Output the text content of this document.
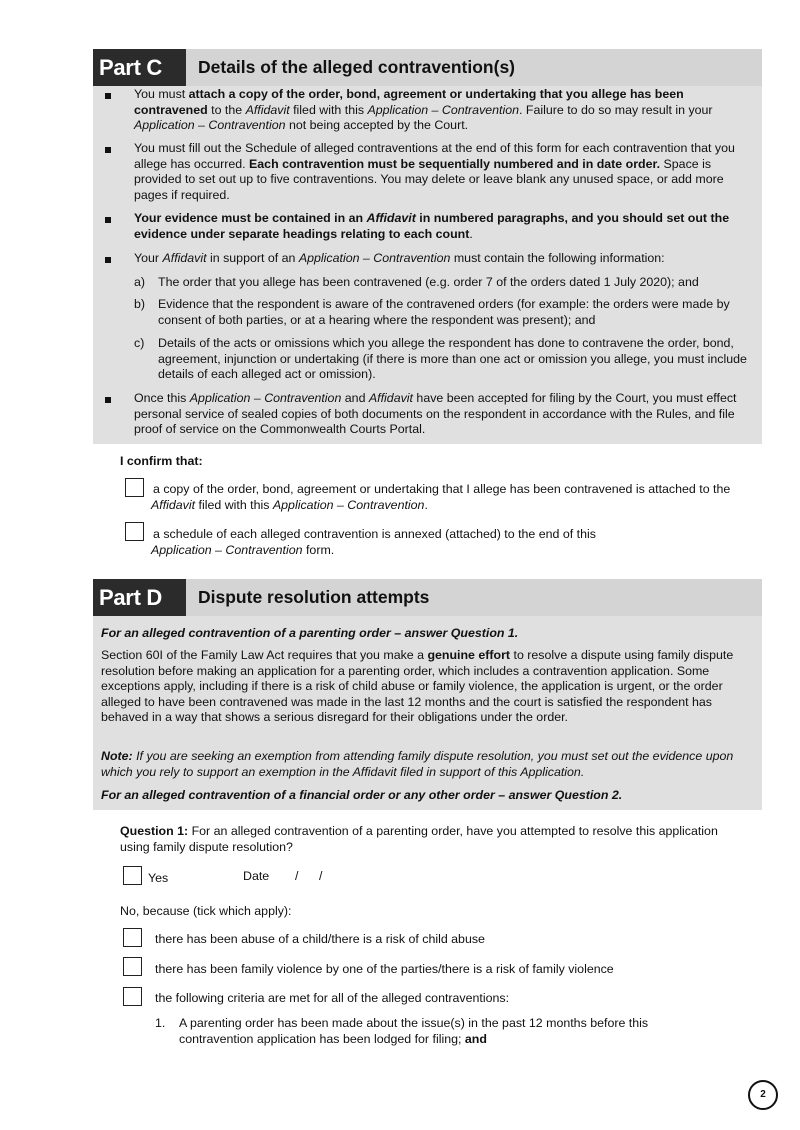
Part C	Details of the alleged contravention(s)
You must attach a copy of the order, bond, agreement or undertaking that you allege has been contravened to the Affidavit filed with this Application – Contravention. Failure to do so may result in your Application – Contravention not being accepted by the Court.
You must fill out the Schedule of alleged contraventions at the end of this form for each contravention that you allege has occurred. Each contravention must be sequentially numbered and in date order. Space is provided to set out up to five contraventions. You may delete or leave blank any unused space, or add more pages if required.
Your evidence must be contained in an Affidavit in numbered paragraphs, and you should set out the evidence under separate headings relating to each count.
Your Affidavit in support of an Application – Contravention must contain the following information:
a) The order that you allege has been contravened (e.g. order 7 of the orders dated 1 July 2020); and
b) Evidence that the respondent is aware of the contravened orders (for example: the orders were made by consent of both parties, or at a hearing where the respondent was present); and
c) Details of the acts or omissions which you allege the respondent has done to contravene the order, bond, agreement, injunction or undertaking (if there is more than one act or omission you allege, you must include details of each alleged act or omission).
Once this Application – Contravention and Affidavit have been accepted for filing by the Court, you must effect personal service of sealed copies of both documents on the respondent in accordance with the Rules, and file proof of service on the Commonwealth Courts Portal.
I confirm that:
a copy of the order, bond, agreement or undertaking that I allege has been contravened is attached to the Affidavit filed with this Application – Contravention.
a schedule of each alleged contravention is annexed (attached) to the end of this Application – Contravention form.
Part D	Dispute resolution attempts
For an alleged contravention of a parenting order – answer Question 1.
Section 60I of the Family Law Act requires that you make a genuine effort to resolve a dispute using family dispute resolution before making an application for a parenting order, which includes a contravention application. Some exceptions apply, including if there is a risk of child abuse or family violence, the application is urgent, or the order alleged to have been contravened was made in the last 12 months and the court is satisfied the respondent has behaved in a way that shows a serious disregard for their obligations under the order.
Note: If you are seeking an exemption from attending family dispute resolution, you must set out the evidence upon which you rely to support an exemption in the Affidavit filed in support of this Application.
For an alleged contravention of a financial order or any other order – answer Question 2.
Question 1: For an alleged contravention of a parenting order, have you attempted to resolve this application using family dispute resolution?
Yes	Date / /
No, because (tick which apply):
there has been abuse of a child/there is a risk of child abuse
there has been family violence by one of the parties/there is a risk of family violence
the following criteria are met for all of the alleged contraventions:
1. A parenting order has been made about the issue(s) in the past 12 months before this contravention application has been lodged for filing; and
2
